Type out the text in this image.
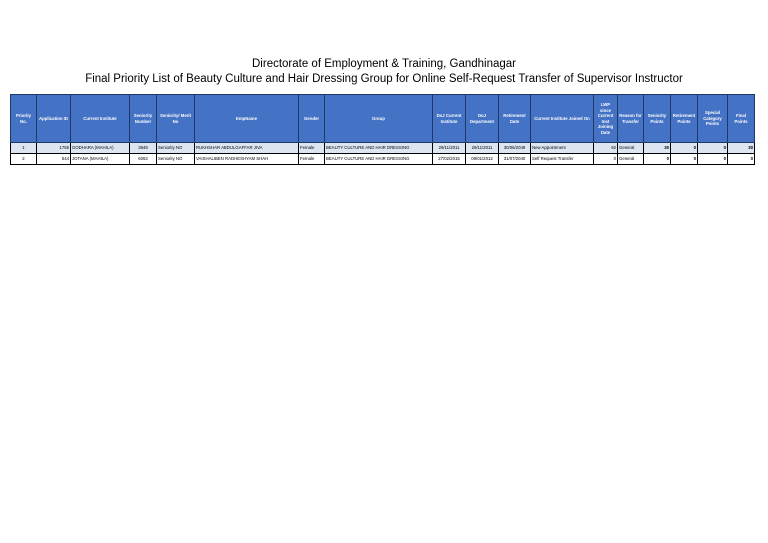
Directorate of Employment & Training, Gandhinagar
Final Priority List of Beauty Culture and Hair Dressing Group for Online Self-Request Transfer of Supervisor Instructor
Priority No.	Application ID	Current Institute	Seniority Number	Seniority/ Merit No	EmpName	Gender	Group	DoJ Current Institute	DoJ Department	Retirement Date	Current Institute Joined On	LWP since Current Inst Joining Date	Reason for Transfer	Seniority Points	Retirement Points	Special Category Points	Final Points
1	1755	GODHARA (MAHILA)	3948	Seniority NO	RUKHSHAR ABDULGAFFAR JIVA	Female	BEAUTY CULTURE AND HAIR DRESSING	29/11/2011	29/11/2011	30/06/2049	New Appointment	92	General	30	0	0	30
2	544	JOTANA (MAHILA)	6063	Seniority NO	VAISHALIBEN RADHESHYAM SHAH	Female	BEAUTY CULTURE AND HAIR DRESSING	27/02/2015	09/01/2012	31/07/2040	Self Request Transfer	0	General	0	0	0	0
